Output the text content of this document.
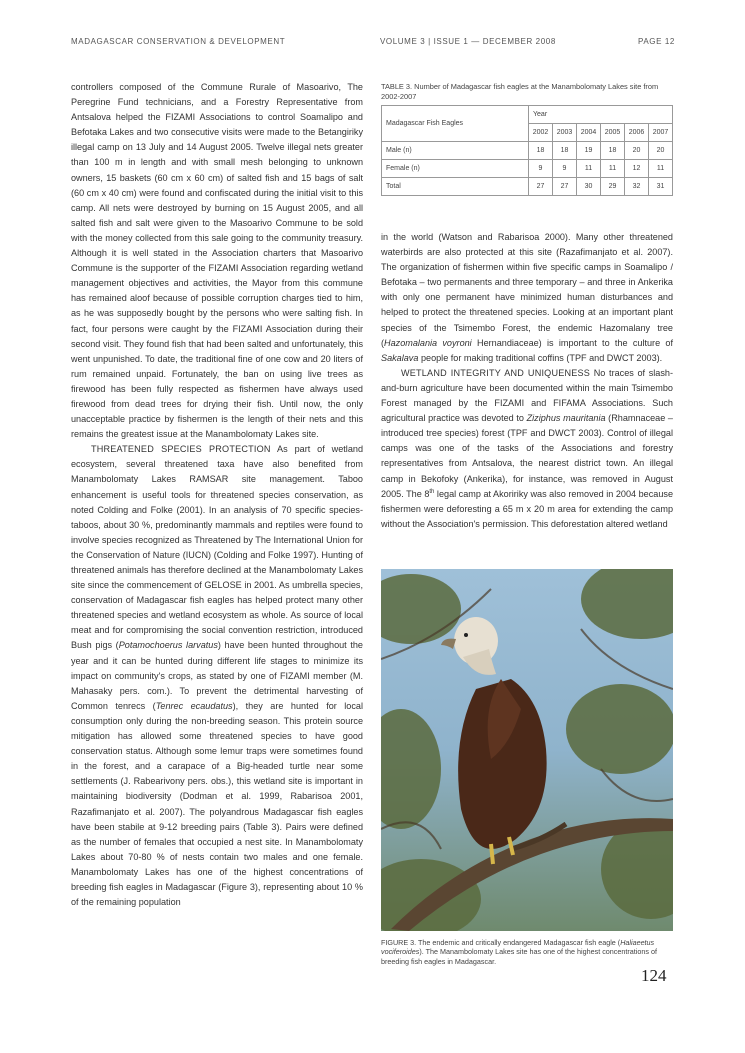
MADAGASCAR CONSERVATION & DEVELOPMENT	VOLUME 3 | ISSUE 1 — DECEMBER 2008	PAGE 12

controllers composed of the Commune Rurale of Masoarivo, The Peregrine Fund technicians, and a Forestry Representative from Antsalova helped the FIZAMI Associations to control Soamalipo and Befotaka Lakes and two consecutive visits were made to the Betangiriky illegal camp on 13 July and 14 August 2005. Twelve illegal nets greater than 100 m in length and with small mesh belonging to unknown owners, 15 baskets (60 cm x 60 cm) of salted fish and 15 bags of salt (60 cm x 40 cm) were found and confiscated during the initial visit to this camp. All nets were destroyed by burning on 15 August 2005, and all salted fish and salt were given to the Masoarivo Commune to be sold with the money collected from this sale going to the community treasury. Although it is well stated in the Association charters that Masoarivo Commune is the supporter of the FIZAMI Association regarding wetland management objectives and activities, the Mayor from this commune has remained aloof because of possible corruption charges tied to him, as he was supposedly bought by the persons who were salting fish. In fact, four persons were caught by the FIZAMI Association during their second visit. They found fish that had been salted and unfortunately, this went unpunished. To date, the traditional fine of one cow and 20 liters of rum remained unpaid. Fortunately, the ban on using live trees as firewood has been fully respected as fishermen have always used firewood from dead trees for drying their fish. Until now, the only unacceptable practice by fishermen is the length of their nets and this remains the greatest issue at the Manambolomaty Lakes site.

THREATENED SPECIES PROTECTION As part of wetland ecosystem, several threatened taxa have also benefited from Manambolomaty Lakes RAMSAR site management. Taboo enhancement is useful tools for threatened species conservation, as noted Colding and Folke (2001). In an analysis of 70 specific species-taboos, about 30 %, predominantly mammals and reptiles were found to involve species recognized as Threatened by The International Union for the Conservation of Nature (IUCN) (Colding and Folke 1997). Hunting of threatened animals has therefore declined at the Manambolomaty Lakes site since the commencement of GELOSE in 2001. As umbrella species, conservation of Madagascar fish eagles has helped protect many other threatened species and wetland ecosystem as whole. As source of local meat and for compromising the social convention restriction, introduced Bush pigs (Potamochoerus larvatus) have been hunted throughout the year and it can be hunted during different life stages to minimize its impact on community's crops, as stated by one of FIZAMI member (M. Mahasaky pers. com.). To prevent the detrimental harvesting of Common tenrecs (Tenrec ecaudatus), they are hunted for local consumption only during the non-breeding season. This protein source mitigation has allowed some threatened species to have good conservation status. Although some lemur traps were sometimes found in the forest, and a carapace of a Big-headed turtle near some settlements (J. Rabearivony pers. obs.), this wetland site is important in maintaining biodiversity (Dodman et al. 1999, Rabarisoa 2001, Razafimanjato et al. 2007). The polyandrous Madagascar fish eagles have been stabile at 9-12 breeding pairs (Table 3). Pairs were defined as the number of females that occupied a nest site. In Manambolomaty Lakes about 70-80 % of nests contain two males and one female. Manambolomaty Lakes has one of the highest concentrations of breeding fish eagles in Madagascar (Figure 3), representing about 10 % of the remaining population

TABLE 3. Number of Madagascar fish eagles at the Manambolomaty Lakes site from 2002-2007
Madagascar Fish Eagles	Year					
	2002	2003	2004	2005	2006	2007
Male (n)	18	18	19	18	20	20
Female (n)	9	9	11	11	12	11
Total	27	27	30	29	32	31

in the world (Watson and Rabarisoa 2000). Many other threatened waterbirds are also protected at this site (Razafimanjato et al. 2007). The organization of fishermen within five specific camps in Soamalipo / Befotaka – two permanents and three temporary – and three in Ankerika with only one permanent have minimized human disturbances and helped to protect the threatened species. Looking at an important plant species of the Tsimembo Forest, the endemic Hazomalany tree (Hazomalania voyroni Hernandiaceae) is important to the culture of Sakalava people for making traditional coffins (TPF and DWCT 2003).

WETLAND INTEGRITY AND UNIQUENESS No traces of slash-and-burn agriculture have been documented within the main Tsimembo Forest managed by the FIZAMI and FIFAMA Associations. Such agricultural practice was devoted to Ziziphus mauritania (Rhamnaceae – introduced tree species) forest (TPF and DWCT 2003). Control of illegal camps was one of the tasks of the Associations and forestry representatives from Antsalova, the nearest district town. An illegal camp in Bekofoky (Ankerika), for instance, was removed in August 2005. The 8th legal camp at Akoririky was also removed in 2004 because fishermen were deforesting a 65 m x 20 m area for extending the camp without the Association's permission. This deforestation altered wetland

FIGURE 3. The endemic and critically endangered Madagascar fish eagle (Haliaeetus vociferoides). The Manambolomaty Lakes site has one of the highest concentrations of breeding fish eagles in Madagascar.
124
